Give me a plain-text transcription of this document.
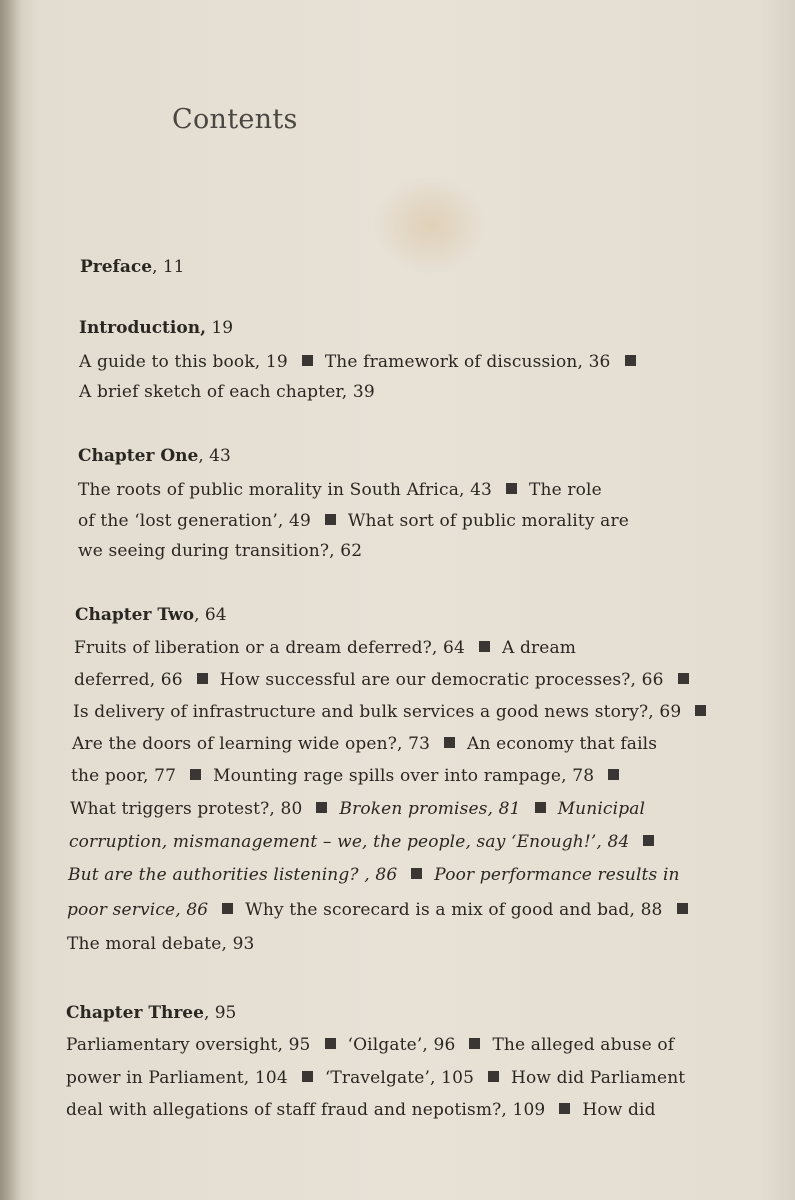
Contents
Preface, 11
Introduction, 19
A guide to this book, 19 The framework of discussion, 36
A brief sketch of each chapter, 39
Chapter One, 43
The roots of public morality in South Africa, 43 The role
of the ‘lost generation’, 49 What sort of public morality are
we seeing during transition?, 62
Chapter Two, 64
Fruits of liberation or a dream deferred?, 64 A dream
deferred, 66 How successful are our democratic processes?, 66
Is delivery of infrastructure and bulk services a good news story?, 69
Are the doors of learning wide open?, 73 An economy that fails
the poor, 77 Mounting rage spills over into rampage, 78
What triggers protest?, 80 Broken promises, 81 Municipal
corruption, mismanagement – we, the people, say ‘Enough!’, 84
But are the authorities listening? , 86 Poor performance results in
poor service, 86 Why the scorecard is a mix of good and bad, 88
The moral debate, 93
Chapter Three, 95
Parliamentary oversight, 95 ‘Oilgate’, 96 The alleged abuse of
power in Parliament, 104 ‘Travelgate’, 105 How did Parliament
deal with allegations of staff fraud and nepotism?, 109 How did
